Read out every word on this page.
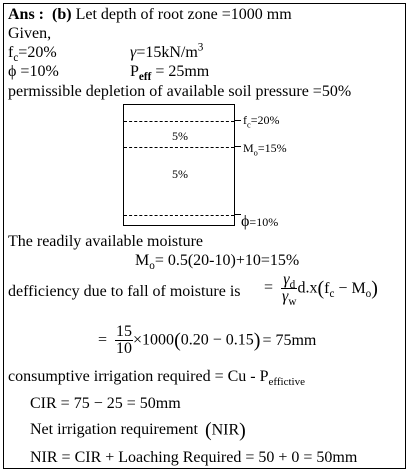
Ans : (b) Let depth of root zone =1000 mm
Given,
$f_c=20\%$	$\gamma=15kN/m^3$
ϕ =10%	$P_{eff} = 25mm$
permissible depletion of available soil pressure =50%
5%
5%
$f_c=20\%$
$M_o=15\%$
ϕ=10%
The readily available moisture
$M_o= 0.5(20-10)+10=15\%$
defficiency due to fall of moisture is = $\frac{\gamma_d}{\gamma_w} d.x(f_c - M_o)$
= $\frac{15}{10} \times 1000(0.20 - 0.15) = 75mm$
consumptive irrigation required = Cu - $P_{effictive}$
CIR = 75 − 25 = 50mm
Net irrigation requirement (NIR)
NIR = CIR + Loaching Required = 50 + 0 = 50mm
